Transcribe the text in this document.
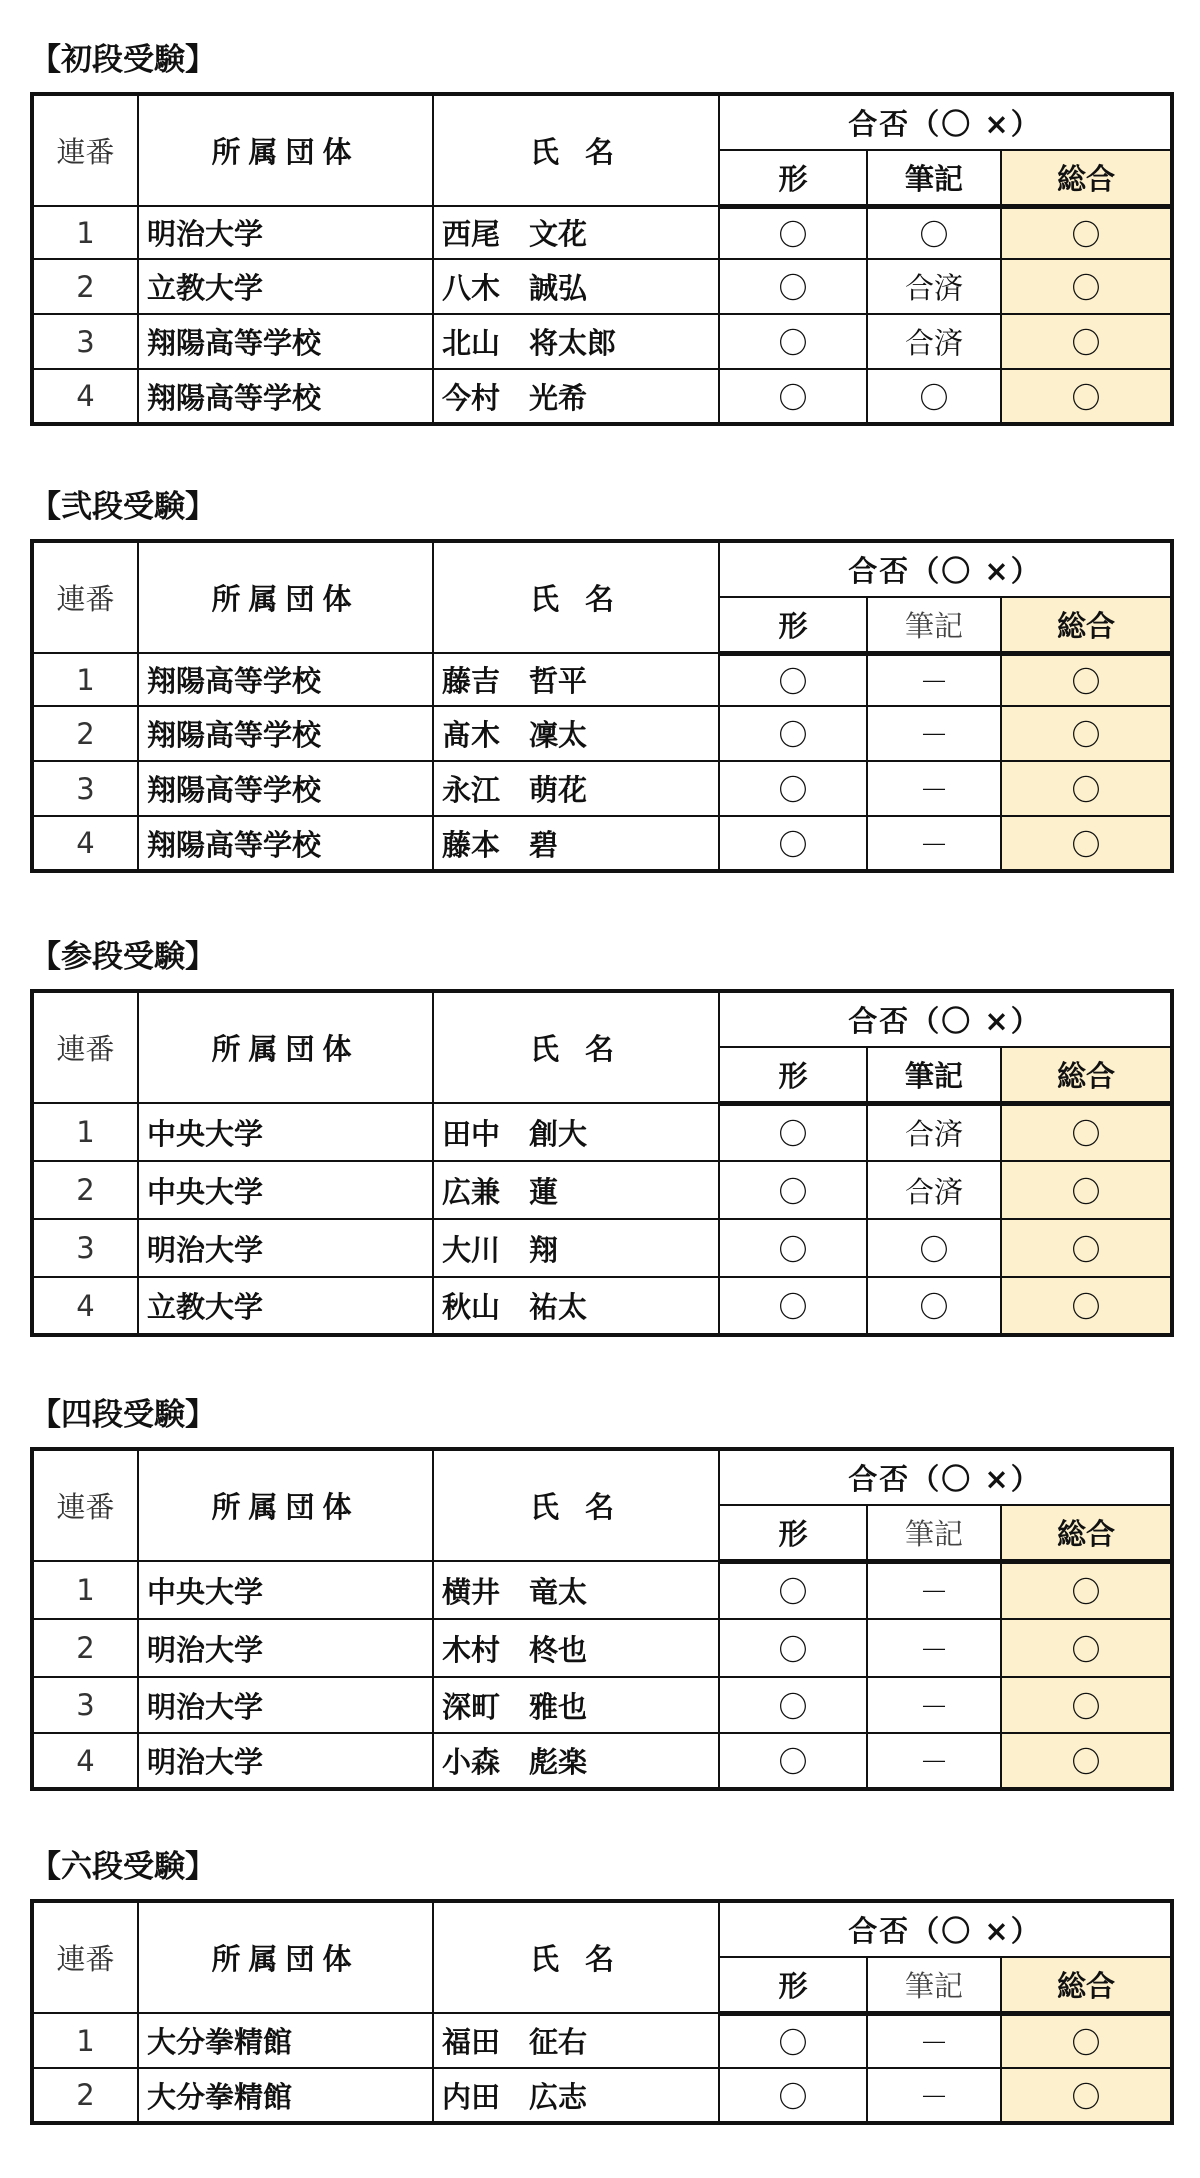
【初段受験】
連番	所属団体	氏 名	合否（〇 ×）		
			形	筆記	総合
1	明治大学	西尾　文花	〇	〇	〇
2	立教大学	八木　誠弘	〇	合済	〇
3	翔陽高等学校	北山　将太郎	〇	合済	〇
4	翔陽高等学校	今村　光希	〇	〇	〇
【弐段受験】
連番	所属団体	氏 名	合否（〇 ×）		
			形	筆記	総合
1	翔陽高等学校	藤吉　哲平	〇	－	〇
2	翔陽高等学校	髙木　凜太	〇	－	〇
3	翔陽高等学校	永江　萌花	〇	－	〇
4	翔陽高等学校	藤本　碧	〇	－	〇
【参段受験】
連番	所属団体	氏 名	合否（〇 ×）		
			形	筆記	総合
1	中央大学	田中　創大	〇	合済	〇
2	中央大学	広兼　蓮	〇	合済	〇
3	明治大学	大川　翔	〇	〇	〇
4	立教大学	秋山　祐太	〇	〇	〇
【四段受験】
連番	所属団体	氏 名	合否（〇 ×）		
			形	筆記	総合
1	中央大学	横井　竜太	〇	－	〇
2	明治大学	木村　柊也	〇	－	〇
3	明治大学	深町　雅也	〇	－	〇
4	明治大学	小森　彪楽	〇	－	〇
【六段受験】
連番	所属団体	氏 名	合否（〇 ×）		
			形	筆記	総合
1	大分拳精館	福田　征右	〇	－	〇
2	大分拳精館	内田　広志	〇	－	〇
